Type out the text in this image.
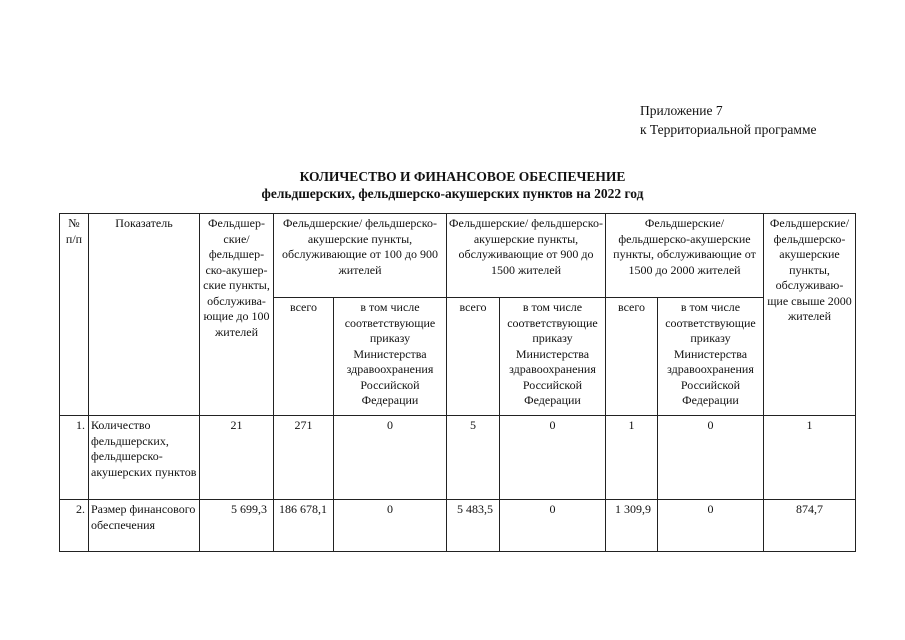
Приложение 7
к Территориальной программе
КОЛИЧЕСТВО И ФИНАНСОВОЕ ОБЕСПЕЧЕНИЕ
фельдшерских, фельдшерско-акушерских пунктов на 2022 год
№ п/п	Показатель	Фельдшер-ские/ фельдшер-ско-акушер-ские пункты, обслужива-ющие до 100 жителей	Фельдшерские/ фельдшерско-акушерские пункты, обслуживающие от 100 до 900 жителей		Фельдшерские/ фельдшерско-акушерские пункты, обслуживающие от 900 до 1500 жителей		Фельдшерские/ фельдшерско-акушерские пункты, обслуживающие от 1500 до 2000 жителей		Фельдшерские/ фельдшерско-акушерские пункты, обслуживаю-щие свыше 2000 жителей
			всего	в том числе соответствующие приказу Министерства здравоохранения Российской Федерации	всего	в том числе соответствующие приказу Министерства здравоохранения Российской Федерации	всего	в том числе соответствующие приказу Министерства здравоохранения Российской Федерации	
1.	Количество фельдшерских, фельдшерско-акушерских пунктов	21	271	0	5	0	1	0	1
2.	Размер финансового обеспечения	5 699,3	186 678,1	0	5 483,5	0	1 309,9	0	874,7
